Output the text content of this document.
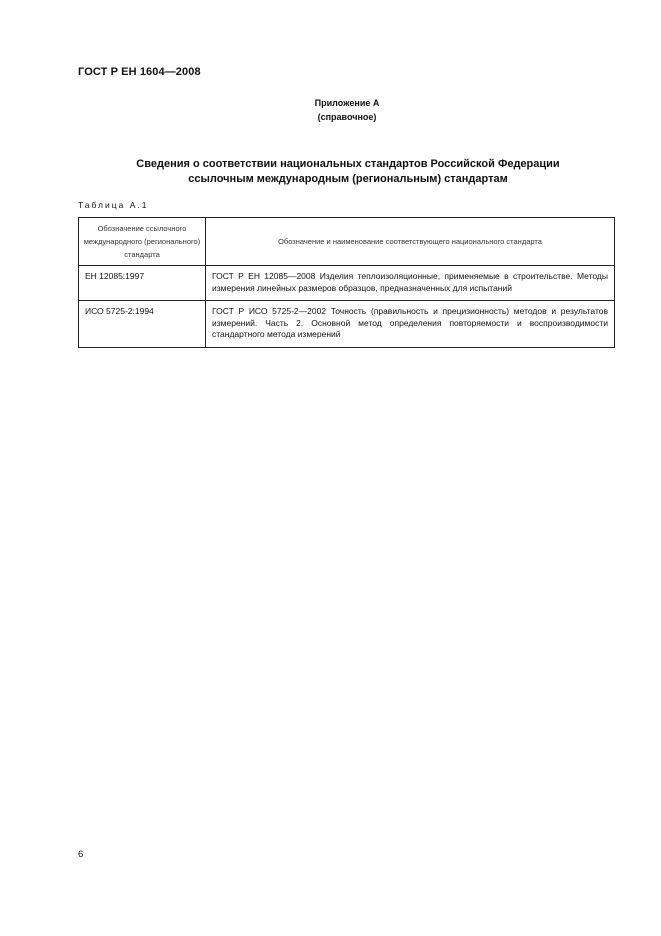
ГОСТ Р ЕН 1604—2008
Приложение А
(справочное)
Сведения о соответствии национальных стандартов Российской Федерации
ссылочным международным (региональным) стандартам
Таблица А.1
Обозначение ссылочного международного (регионального) стандарта	Обозначение и наименование соответствующего национального стандарта
ЕН 12085:1997	ГОСТ Р ЕН 12085—2008 Изделия теплоизоляционные, применяемые в строительстве. Методы измерения линейных размеров образцов, предназначенных для испытаний
ИСО 5725-2:1994	ГОСТ Р ИСО 5725-2—2002 Точность (правильность и прецизионность) методов и результатов измерений. Часть 2. Основной метод определения повторяемости и воспроизводимости стандартного метода измерений
6
